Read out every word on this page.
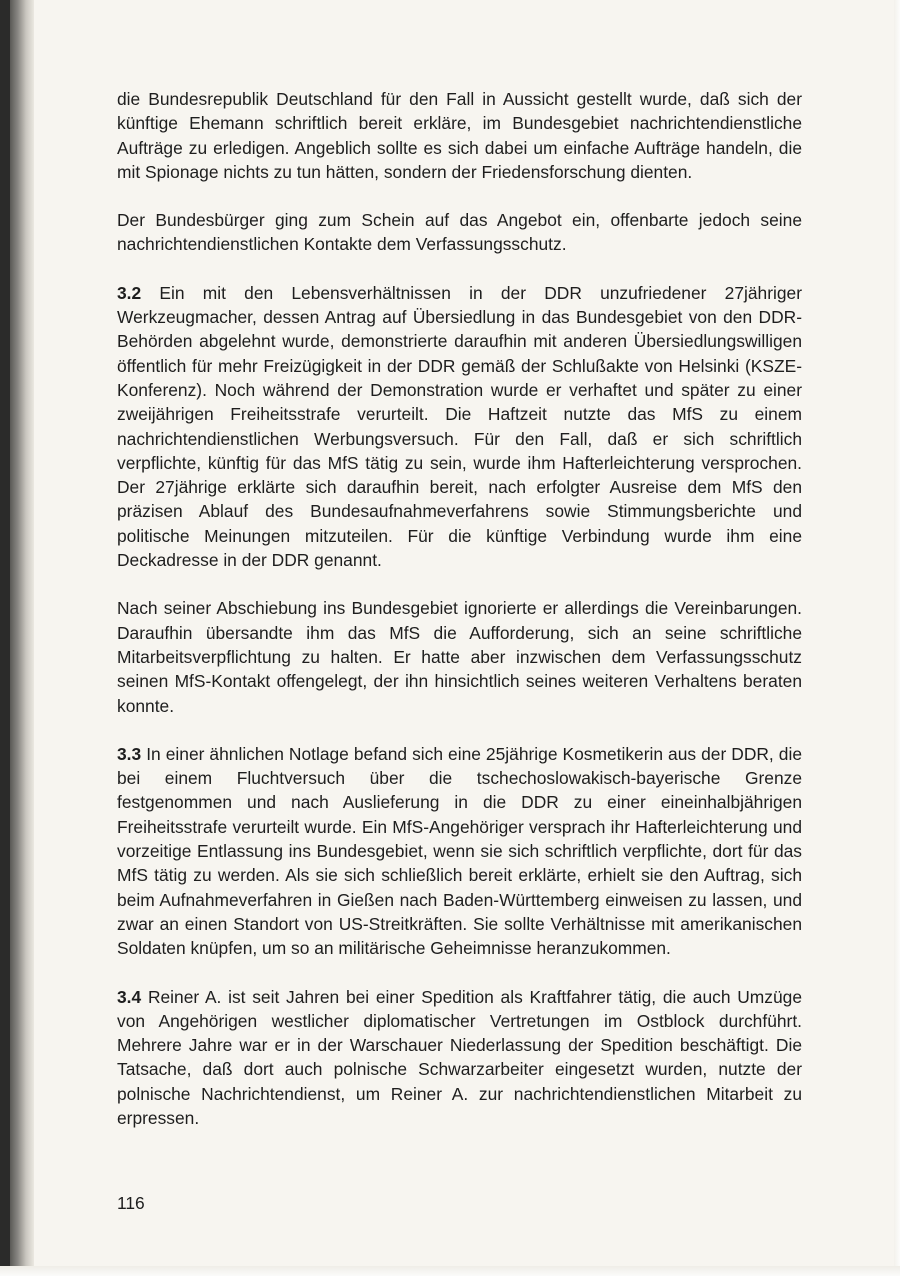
die Bundesrepublik Deutschland für den Fall in Aussicht gestellt wurde, daß sich der künftige Ehemann schriftlich bereit erkläre, im Bundesgebiet nachrichtendienstliche Aufträge zu erledigen. Angeblich sollte es sich dabei um einfache Aufträge handeln, die mit Spionage nichts zu tun hätten, sondern der Friedensforschung dienten.

Der Bundesbürger ging zum Schein auf das Angebot ein, offenbarte jedoch seine nachrichtendienstlichen Kontakte dem Verfassungsschutz.

3.2 Ein mit den Lebensverhältnissen in der DDR unzufriedener 27jähriger Werkzeugmacher, dessen Antrag auf Übersiedlung in das Bundesgebiet von den DDR-Behörden abgelehnt wurde, demonstrierte daraufhin mit anderen Übersiedlungswilligen öffentlich für mehr Freizügigkeit in der DDR gemäß der Schlußakte von Helsinki (KSZE-Konferenz). Noch während der Demonstration wurde er verhaftet und später zu einer zweijährigen Freiheitsstrafe verurteilt. Die Haftzeit nutzte das MfS zu einem nachrichtendienstlichen Werbungsversuch. Für den Fall, daß er sich schriftlich verpflichte, künftig für das MfS tätig zu sein, wurde ihm Hafterleichterung versprochen. Der 27jährige erklärte sich daraufhin bereit, nach erfolgter Ausreise dem MfS den präzisen Ablauf des Bundesaufnahmeverfahrens sowie Stimmungsberichte und politische Meinungen mitzuteilen. Für die künftige Verbindung wurde ihm eine Deckadresse in der DDR genannt.

Nach seiner Abschiebung ins Bundesgebiet ignorierte er allerdings die Vereinbarungen. Daraufhin übersandte ihm das MfS die Aufforderung, sich an seine schriftliche Mitarbeitsverpflichtung zu halten. Er hatte aber inzwischen dem Verfassungsschutz seinen MfS-Kontakt offengelegt, der ihn hinsichtlich seines weiteren Verhaltens beraten konnte.

3.3 In einer ähnlichen Notlage befand sich eine 25jährige Kosmetikerin aus der DDR, die bei einem Fluchtversuch über die tschechoslowakisch-bayerische Grenze festgenommen und nach Auslieferung in die DDR zu einer eineinhalbjährigen Freiheitsstrafe verurteilt wurde. Ein MfS-Angehöriger versprach ihr Hafterleichterung und vorzeitige Entlassung ins Bundesgebiet, wenn sie sich schriftlich verpflichte, dort für das MfS tätig zu werden. Als sie sich schließlich bereit erklärte, erhielt sie den Auftrag, sich beim Aufnahmeverfahren in Gießen nach Baden-Württemberg einweisen zu lassen, und zwar an einen Standort von US-Streitkräften. Sie sollte Verhältnisse mit amerikanischen Soldaten knüpfen, um so an militärische Geheimnisse heranzukommen.

3.4 Reiner A. ist seit Jahren bei einer Spedition als Kraftfahrer tätig, die auch Umzüge von Angehörigen westlicher diplomatischer Vertretungen im Ostblock durchführt. Mehrere Jahre war er in der Warschauer Niederlassung der Spedition beschäftigt. Die Tatsache, daß dort auch polnische Schwarzarbeiter eingesetzt wurden, nutzte der polnische Nachrichtendienst, um Reiner A. zur nachrichtendienstlichen Mitarbeit zu erpressen.

116
